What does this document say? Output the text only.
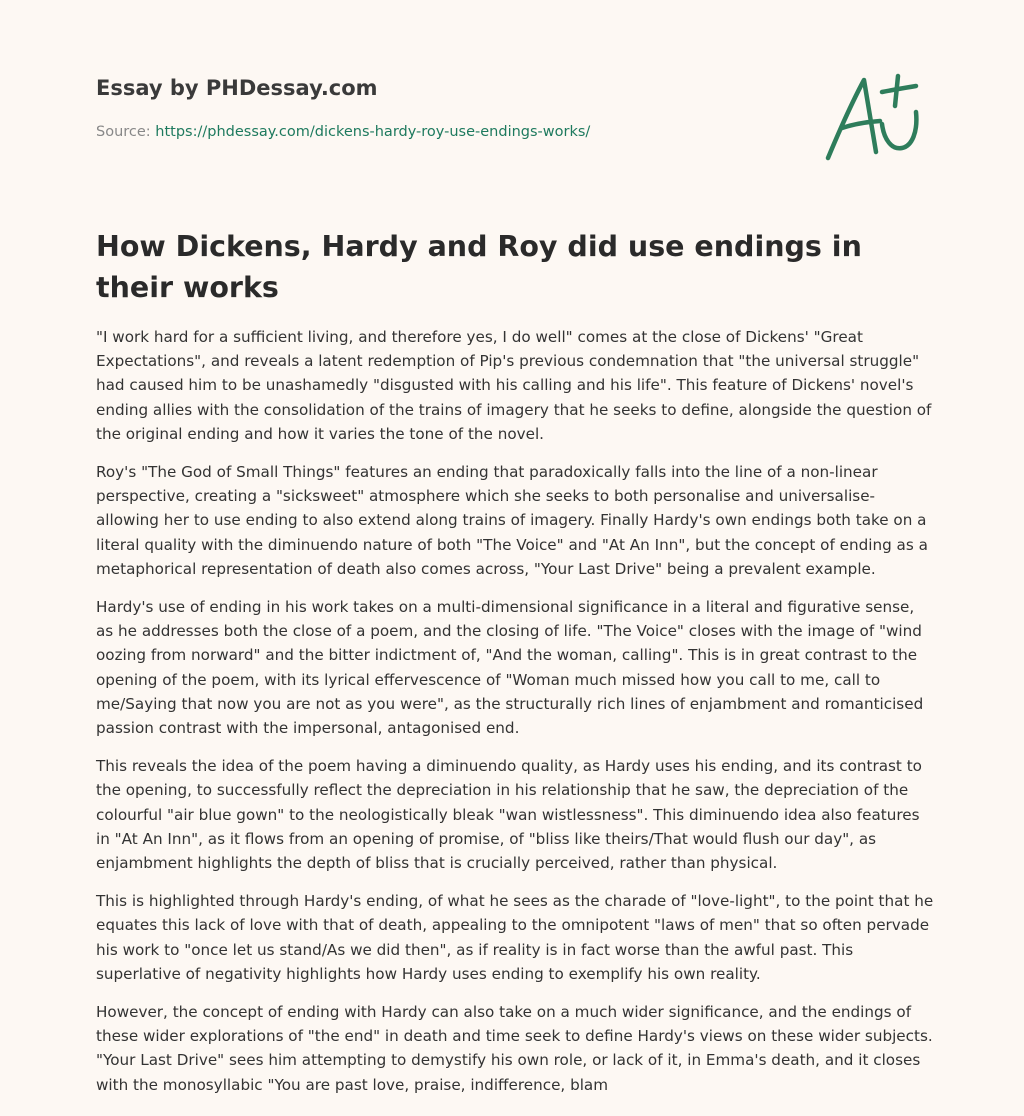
Essay by PHDessay.com
Source: https://phdessay.com/dickens-hardy-roy-use-endings-works/
How Dickens, Hardy and Roy did use endings in their works

"I work hard for a sufficient living, and therefore yes, I do well" comes at the close of Dickens' "Great Expectations", and reveals a latent redemption of Pip's previous condemnation that "the universal struggle" had caused him to be unashamedly "disgusted with his calling and his life". This feature of Dickens' novel's ending allies with the consolidation of the trains of imagery that he seeks to define, alongside the question of the original ending and how it varies the tone of the novel.

Roy's "The God of Small Things" features an ending that paradoxically falls into the line of a non-linear perspective, creating a "sicksweet" atmosphere which she seeks to both personalise and universalise- allowing her to use ending to also extend along trains of imagery. Finally Hardy's own endings both take on a literal quality with the diminuendo nature of both "The Voice" and "At An Inn", but the concept of ending as a metaphorical representation of death also comes across, "Your Last Drive" being a prevalent example.

Hardy's use of ending in his work takes on a multi-dimensional significance in a literal and figurative sense, as he addresses both the close of a poem, and the closing of life. "The Voice" closes with the image of "wind oozing from norward" and the bitter indictment of, "And the woman, calling". This is in great contrast to the opening of the poem, with its lyrical effervescence of "Woman much missed how you call to me, call to me/Saying that now you are not as you were", as the structurally rich lines of enjambment and romanticised passion contrast with the impersonal, antagonised end.

This reveals the idea of the poem having a diminuendo quality, as Hardy uses his ending, and its contrast to the opening, to successfully reflect the depreciation in his relationship that he saw, the depreciation of the colourful "air blue gown" to the neologistically bleak "wan wistlessness". This diminuendo idea also features in "At An Inn", as it flows from an opening of promise, of "bliss like theirs/That would flush our day", as enjambment highlights the depth of bliss that is crucially perceived, rather than physical.

This is highlighted through Hardy's ending, of what he sees as the charade of "love-light", to the point that he equates this lack of love with that of death, appealing to the omnipotent "laws of men" that so often pervade his work to "once let us stand/As we did then", as if reality is in fact worse than the awful past. This superlative of negativity highlights how Hardy uses ending to exemplify his own reality.

However, the concept of ending with Hardy can also take on a much wider significance, and the endings of these wider explorations of "the end" in death and time seek to define Hardy's views on these wider subjects. "Your Last Drive" sees him attempting to demystify his own role, or lack of it, in Emma's death, and it closes with the monosyllabic "You are past love, praise, indifference, blam
